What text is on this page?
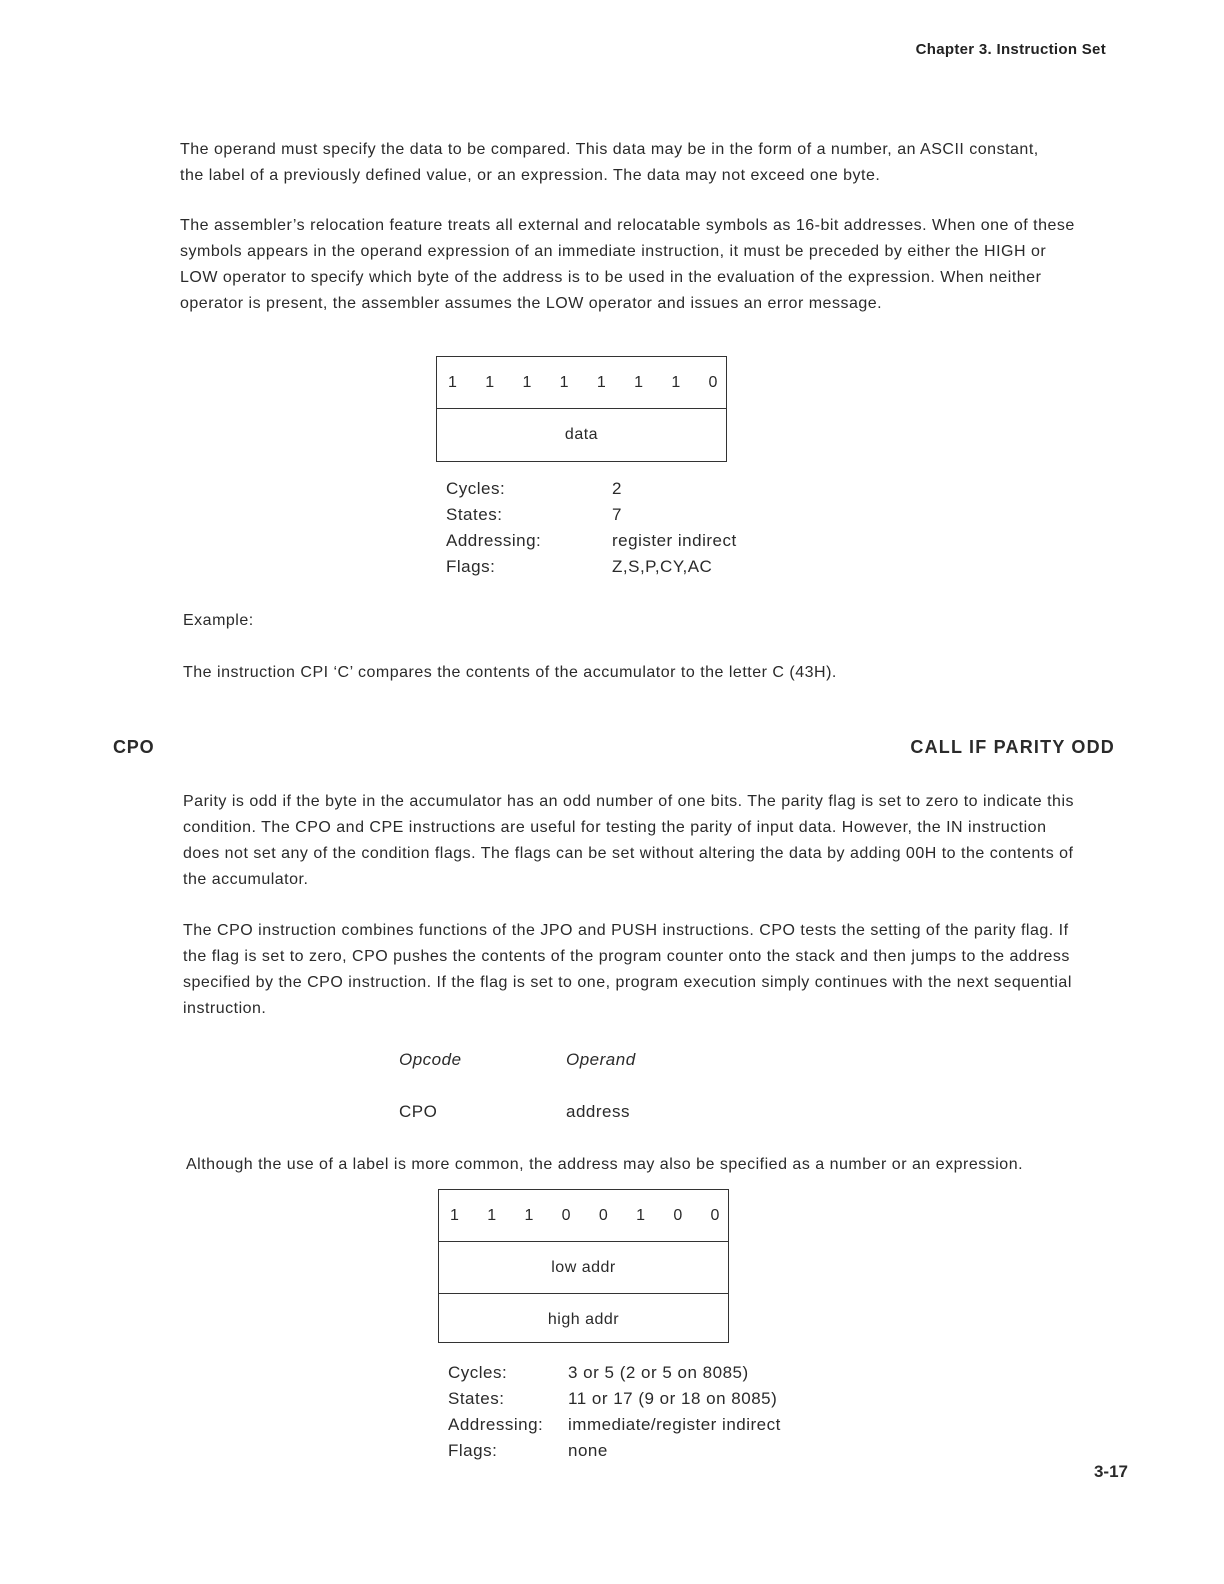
Chapter 3. Instruction Set

The operand must specify the data to be compared. This data may be in the form of a number, an ASCII constant, the label of a previously defined value, or an expression. The data may not exceed one byte.

The assembler’s relocation feature treats all external and relocatable symbols as 16-bit addresses. When one of these symbols appears in the operand expression of an immediate instruction, it must be preceded by either the HIGH or LOW operator to specify which byte of the address is to be used in the evaluation of the expression. When neither operator is present, the assembler assumes the LOW operator and issues an error message.

1 1 1 1 1 1 1 0
data
Cycles:	2
States:	7
Addressing:	register indirect
Flags:	Z,S,P,CY,AC
Example:
The instruction CPI ‘C’ compares the contents of the accumulator to the letter C (43H).
CPO	CALL IF PARITY ODD

Parity is odd if the byte in the accumulator has an odd number of one bits. The parity flag is set to zero to indicate this condition. The CPO and CPE instructions are useful for testing the parity of input data. However, the IN instruction does not set any of the condition flags. The flags can be set without altering the data by adding 00H to the contents of the accumulator.

The CPO instruction combines functions of the JPO and PUSH instructions. CPO tests the setting of the parity flag. If the flag is set to zero, CPO pushes the contents of the program counter onto the stack and then jumps to the address specified by the CPO instruction. If the flag is set to one, program execution simply continues with the next sequential instruction.

Opcode	Operand
CPO	address
Although the use of a label is more common, the address may also be specified as a number or an expression.
1 1 1 0 0 1 0 0
low addr
high addr
Cycles:	3 or 5 (2 or 5 on 8085)
States:	11 or 17 (9 or 18 on 8085)
Addressing:	immediate/register indirect
Flags:	none
3-17
